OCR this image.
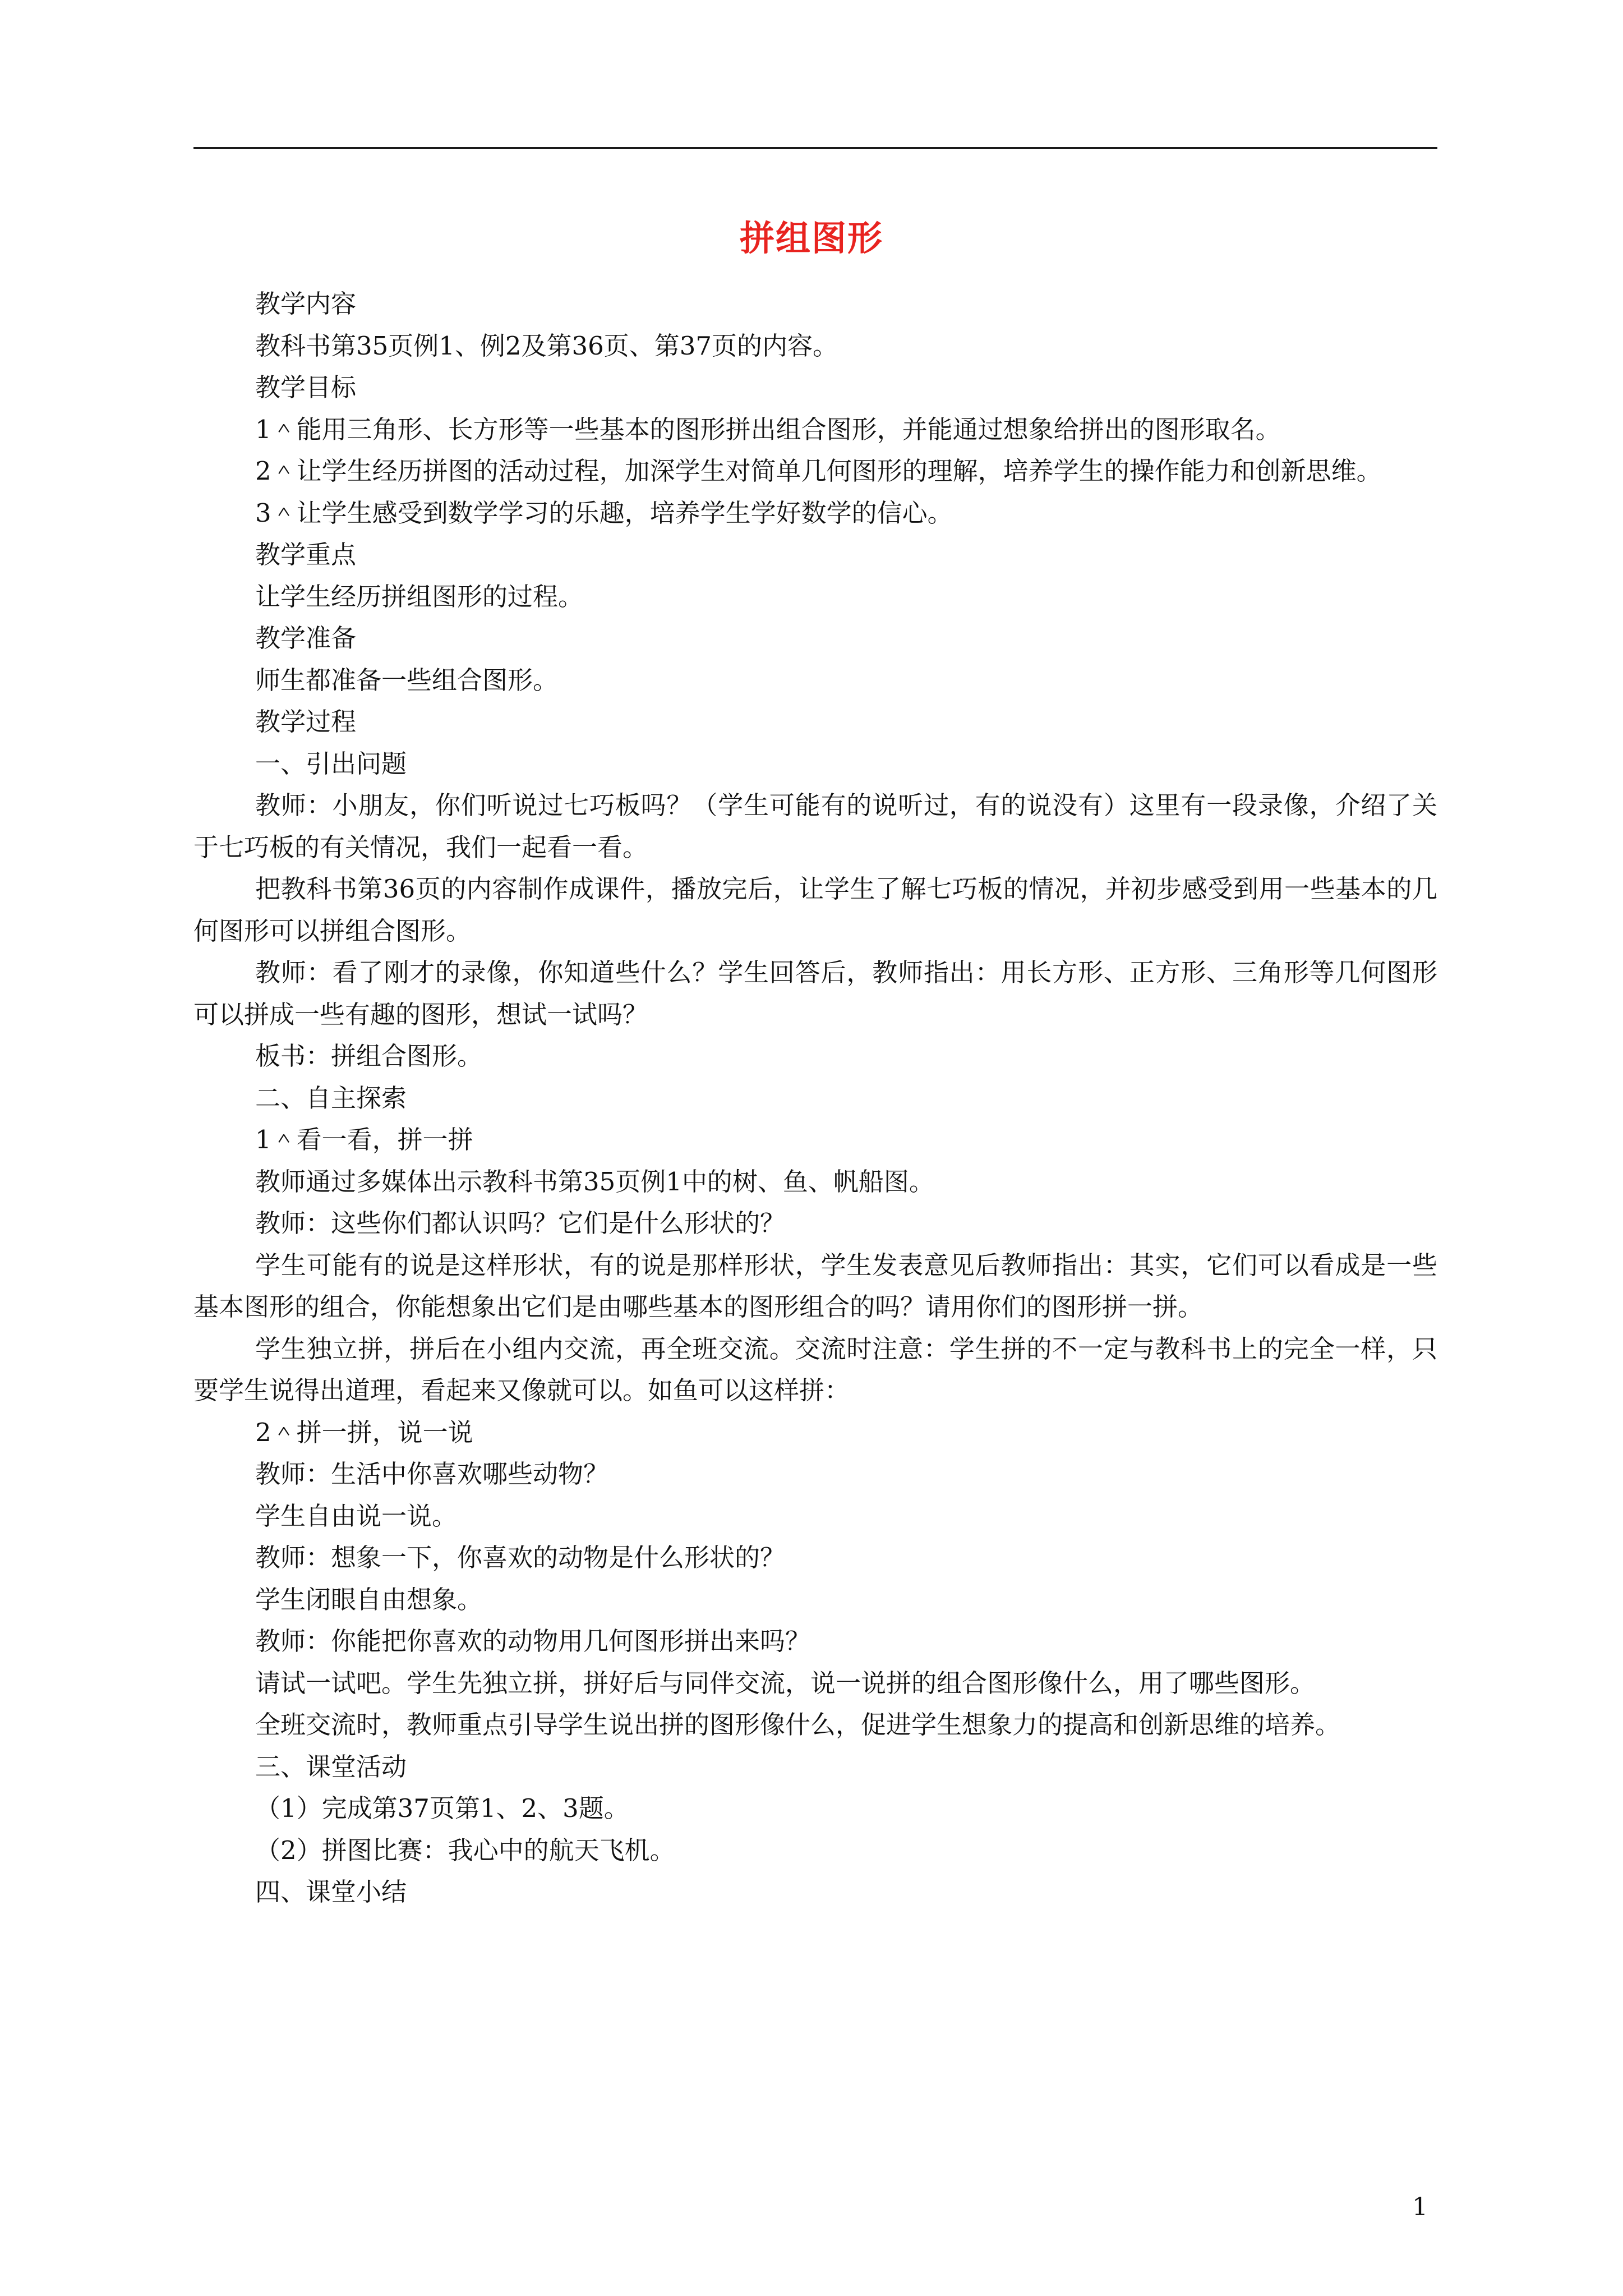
拼组图形

教学内容

教科书第35页例1、例2及第36页、第37页的内容。

教学目标

1＾能用三角形、长方形等一些基本的图形拼出组合图形，并能通过想象给拼出的图形取名。

2＾让学生经历拼图的活动过程，加深学生对简单几何图形的理解，培养学生的操作能力和创新思维。

3＾让学生感受到数学学习的乐趣，培养学生学好数学的信心。

教学重点

让学生经历拼组图形的过程。

教学准备

师生都准备一些组合图形。

教学过程

一、引出问题

教师：小朋友，你们听说过七巧板吗？（学生可能有的说听过，有的说没有）这里有一段录像，介绍了关于七巧板的有关情况，我们一起看一看。

把教科书第36页的内容制作成课件，播放完后，让学生了解七巧板的情况，并初步感受到用一些基本的几何图形可以拼组合图形。

教师：看了刚才的录像，你知道些什么？学生回答后，教师指出：用长方形、正方形、三角形等几何图形可以拼成一些有趣的图形，想试一试吗？

板书：拼组合图形。

二、自主探索

1＾看一看，拼一拼

教师通过多媒体出示教科书第35页例1中的树、鱼、帆船图。

教师：这些你们都认识吗？它们是什么形状的？

学生可能有的说是这样形状，有的说是那样形状，学生发表意见后教师指出：其实，它们可以看成是一些基本图形的组合，你能想象出它们是由哪些基本的图形组合的吗？请用你们的图形拼一拼。

学生独立拼，拼后在小组内交流，再全班交流。交流时注意：学生拼的不一定与教科书上的完全一样，只要学生说得出道理，看起来又像就可以。如鱼可以这样拼：

2＾拼一拼，说一说

教师：生活中你喜欢哪些动物？

学生自由说一说。

教师：想象一下，你喜欢的动物是什么形状的？

学生闭眼自由想象。

教师：你能把你喜欢的动物用几何图形拼出来吗？

请试一试吧。学生先独立拼，拼好后与同伴交流，说一说拼的组合图形像什么，用了哪些图形。

全班交流时，教师重点引导学生说出拼的图形像什么，促进学生想象力的提高和创新思维的培养。

三、课堂活动

（1）完成第37页第1、2、3题。

（2）拼图比赛：我心中的航天飞机。

四、课堂小结

1
